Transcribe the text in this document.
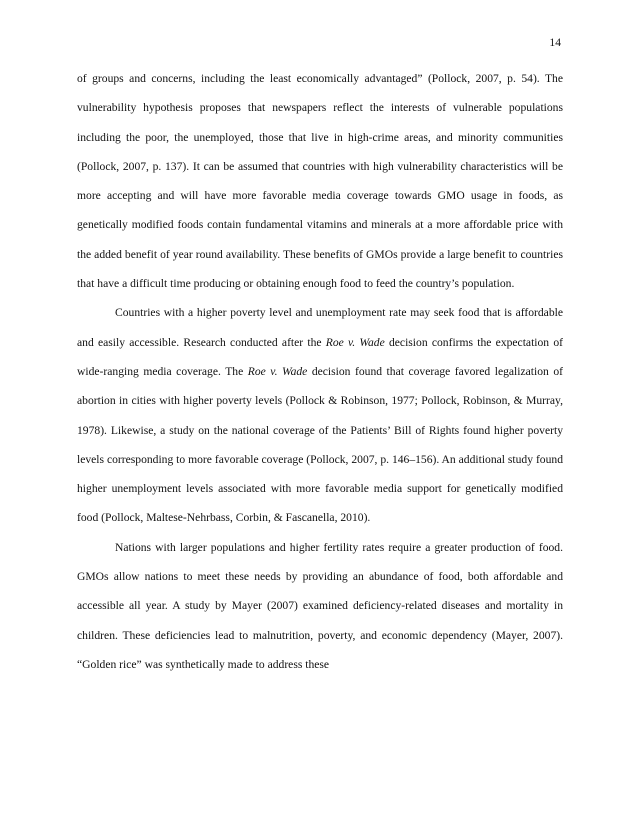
14

of groups and concerns, including the least economically advantaged” (Pollock, 2007, p. 54). The vulnerability hypothesis proposes that newspapers reflect the interests of vulnerable populations including the poor, the unemployed, those that live in high-crime areas, and minority communities (Pollock, 2007, p. 137). It can be assumed that countries with high vulnerability characteristics will be more accepting and will have more favorable media coverage towards GMO usage in foods, as genetically modified foods contain fundamental vitamins and minerals at a more affordable price with the added benefit of year round availability. These benefits of GMOs provide a large benefit to countries that have a difficult time producing or obtaining enough food to feed the country’s population.

Countries with a higher poverty level and unemployment rate may seek food that is affordable and easily accessible. Research conducted after the Roe v. Wade decision confirms the expectation of wide-ranging media coverage. The Roe v. Wade decision found that coverage favored legalization of abortion in cities with higher poverty levels (Pollock & Robinson, 1977; Pollock, Robinson, & Murray, 1978). Likewise, a study on the national coverage of the Patients’ Bill of Rights found higher poverty levels corresponding to more favorable coverage (Pollock, 2007, p. 146–156). An additional study found higher unemployment levels associated with more favorable media support for genetically modified food (Pollock, Maltese-Nehrbass, Corbin, & Fascanella, 2010).

Nations with larger populations and higher fertility rates require a greater production of food. GMOs allow nations to meet these needs by providing an abundance of food, both affordable and accessible all year. A study by Mayer (2007) examined deficiency-related diseases and mortality in children. These deficiencies lead to malnutrition, poverty, and economic dependency (Mayer, 2007). “Golden rice” was synthetically made to address these
